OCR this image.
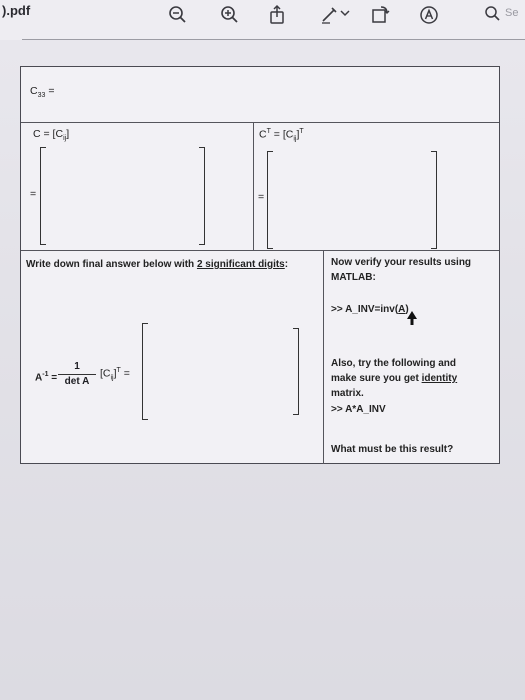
).pdf	Se
$C_{33}$ =
$C = [C_{ij}]$
=
$C^T = [C_{ij}]^T$
=
Write down final answer below with 2 significant digits:
$A^{-1}$ =
1
det A
$[C_{ij}]^T$ =
Now verify your results using
MATLAB:
>> A_INV=inv(A)
Also, try the following and
make sure you get identity
matrix.
>> A*A_INV
What must be this result?
